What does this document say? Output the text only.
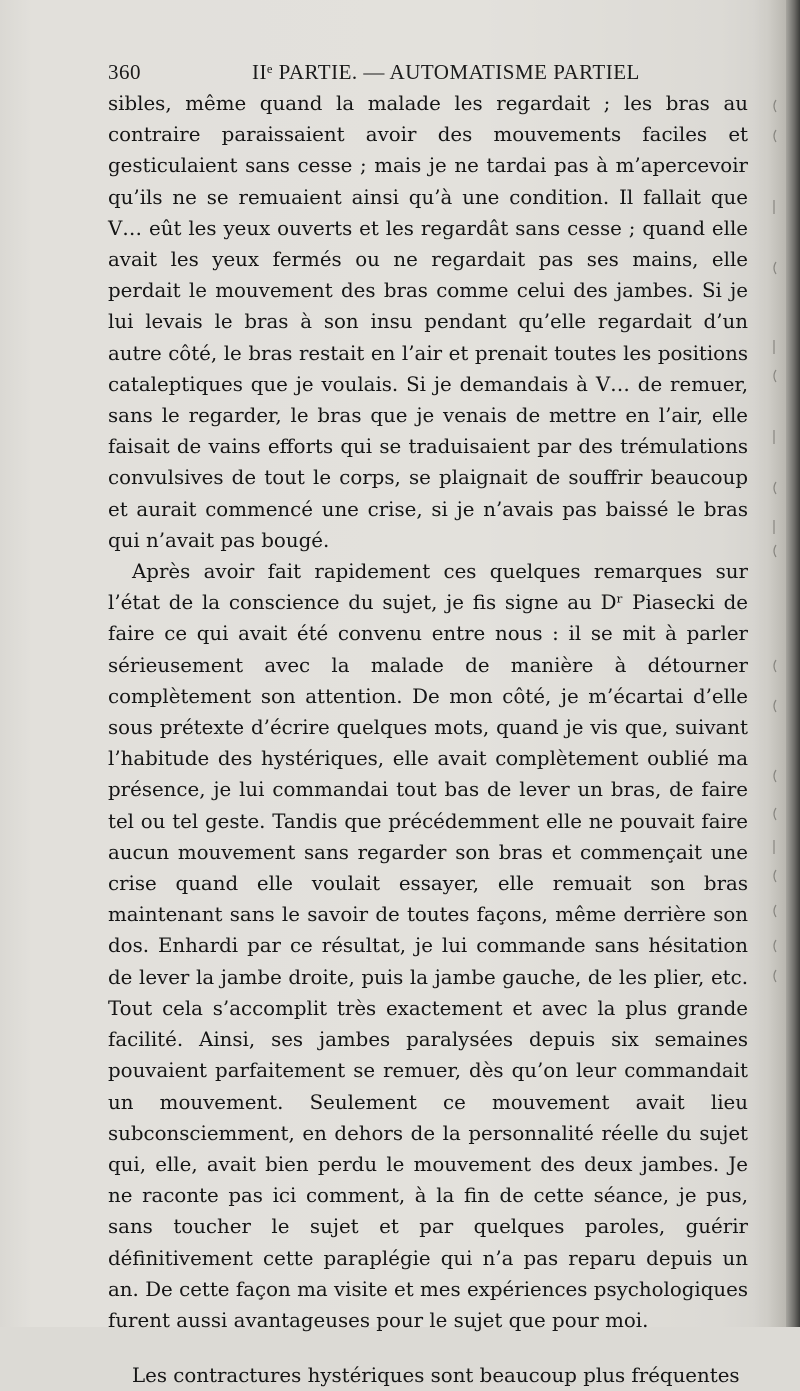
360	IIᵉ PARTIE. — AUTOMATISME PARTIEL

sibles, même quand la malade les regardait ; les bras au contraire paraissaient avoir des mouvements faciles et gesticulaient sans cesse ; mais je ne tardai pas à m’apercevoir qu’ils ne se remuaient ainsi qu’à une condition. Il fallait que V… eût les yeux ouverts et les regardât sans cesse ; quand elle avait les yeux fermés ou ne regardait pas ses mains, elle perdait le mouvement des bras comme celui des jambes. Si je lui levais le bras à son insu pendant qu’elle regardait d’un autre côté, le bras restait en l’air et prenait toutes les positions cataleptiques que je voulais. Si je demandais à V… de remuer, sans le regarder, le bras que je venais de mettre en l’air, elle faisait de vains efforts qui se traduisaient par des trémulations convulsives de tout le corps, se plaignait de souffrir beaucoup et aurait commencé une crise, si je n’avais pas baissé le bras qui n’avait pas bougé.

Après avoir fait rapidement ces quelques remarques sur l’état de la conscience du sujet, je fis signe au Dʳ Piasecki de faire ce qui avait été convenu entre nous : il se mit à parler sérieusement avec la malade de manière à détourner complètement son attention. De mon côté, je m’écartai d’elle sous prétexte d’écrire quelques mots, quand je vis que, suivant l’habitude des hystériques, elle avait complètement oublié ma présence, je lui commandai tout bas de lever un bras, de faire tel ou tel geste. Tandis que précédemment elle ne pouvait faire aucun mouvement sans regarder son bras et commençait une crise quand elle voulait essayer, elle remuait son bras maintenant sans le savoir de toutes façons, même derrière son dos. Enhardi par ce résultat, je lui commande sans hésitation de lever la jambe droite, puis la jambe gauche, de les plier, etc. Tout cela s’accomplit très exactement et avec la plus grande facilité. Ainsi, ses jambes paralysées depuis six semaines pouvaient parfaitement se remuer, dès qu’on leur commandait un mouvement. Seulement ce mouvement avait lieu subconsciemment, en dehors de la personnalité réelle du sujet qui, elle, avait bien perdu le mouvement des deux jambes. Je ne raconte pas ici comment, à la fin de cette séance, je pus, sans toucher le sujet et par quelques paroles, guérir définitivement cette paraplégie qui n’a pas reparu depuis un an. De cette façon ma visite et mes expériences psychologiques furent aussi avantageuses pour le sujet que pour moi.

Les contractures hystériques sont beaucoup plus fréquentes
